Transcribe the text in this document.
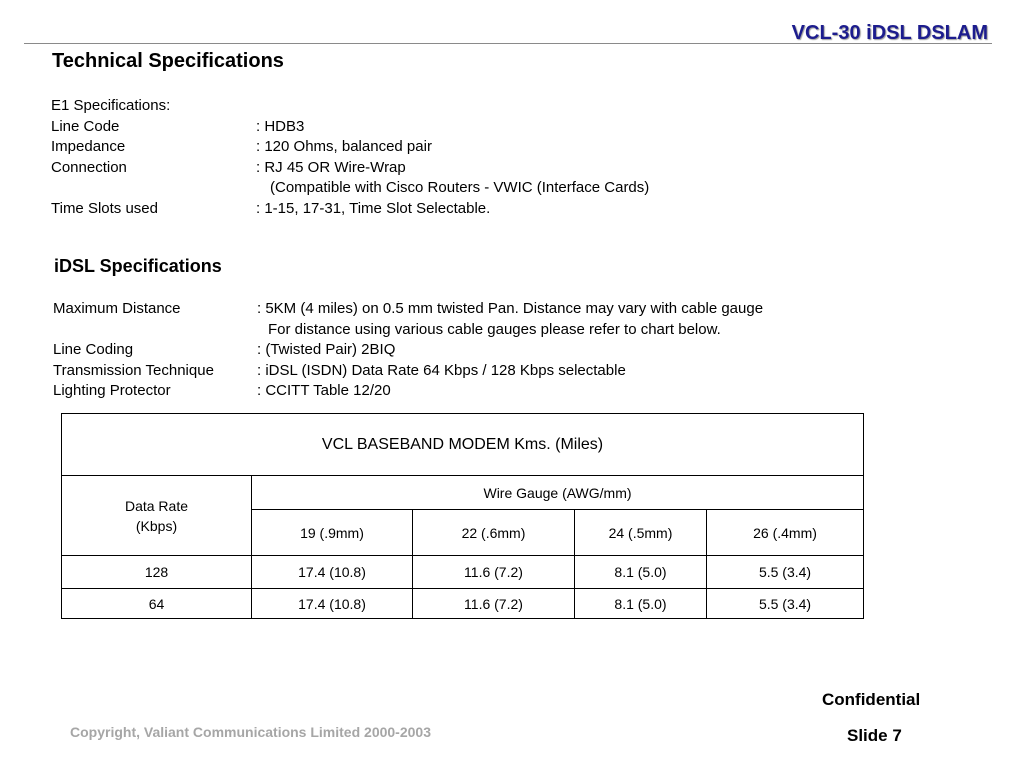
VCL-30 iDSL DSLAM
Technical Specifications
E1 Specifications:
Line Code	: HDB3
Impedance	: 120 Ohms, balanced pair
Connection	: RJ 45 OR Wire-Wrap
(Compatible with Cisco Routers - VWIC (Interface Cards)
Time Slots used	: 1-15, 17-31, Time Slot Selectable.
iDSL Specifications
Maximum Distance	: 5KM (4 miles) on 0.5 mm twisted Pan. Distance may vary with cable gauge
For distance using various cable gauges please refer to chart below.
Line Coding	: (Twisted Pair) 2BIQ
Transmission Technique	: iDSL (ISDN) Data Rate 64 Kbps / 128 Kbps selectable
Lighting Protector	: CCITT Table 12/20
VCL BASEBAND MODEM Kms. (Miles)				

Data Rate
(Kbps)	Wire Gauge (AWG/mm)			
	19 (.9mm)	22 (.6mm)	24 (.5mm)	26 (.4mm)
128	17.4 (10.8)	11.6 (7.2)	8.1 (5.0)	5.5 (3.4)
64	17.4 (10.8)	11.6 (7.2)	8.1 (5.0)	5.5 (3.4)
Confidential
Slide 7
Copyright, Valiant Communications Limited 2000-2003
